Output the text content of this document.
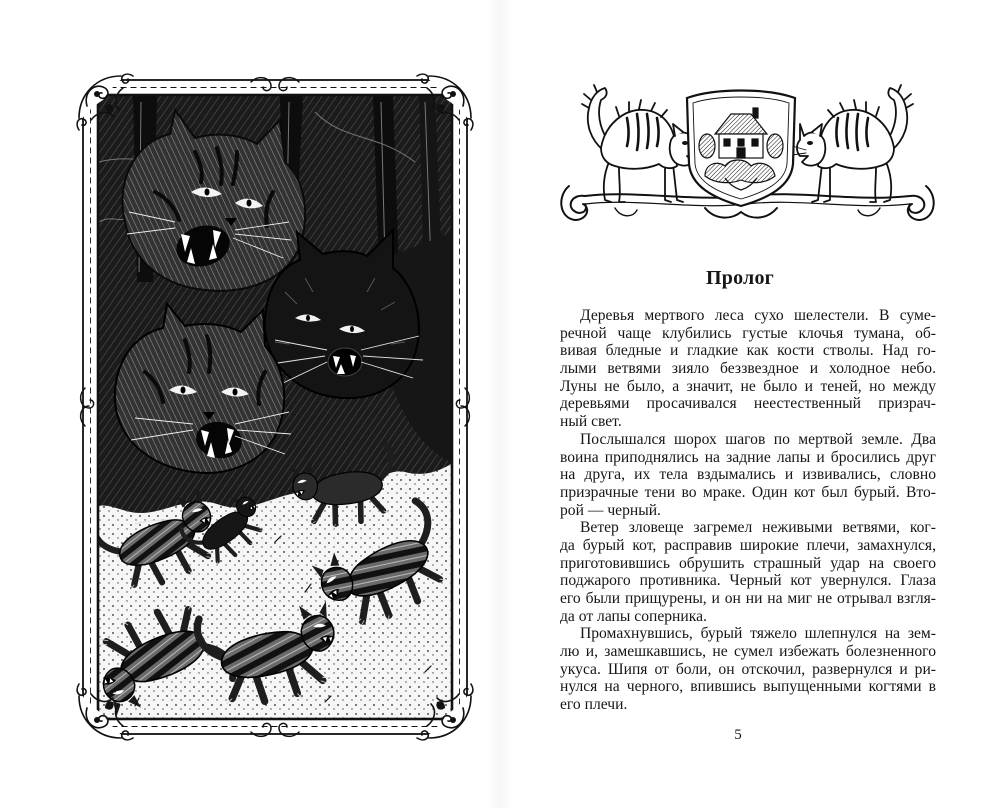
Пролог
Деревья мертвого леса сухо шелестели. В суме-
речной чаще клубились густые клочья тумана, об-
вивая бледные и гладкие как кости стволы. Над го-
лыми ветвями зияло беззвездное и холодное небо.
Луны не было, а значит, не было и теней, но между
деревьями просачивался неестественный призрач-
ный свет.
Послышался шорох шагов по мертвой земле. Два
воина приподнялись на задние лапы и бросились друг
на друга, их тела вздымались и извивались, словно
призрачные тени во мраке. Один кот был бурый. Вто-
рой — черный.
Ветер зловеще загремел неживыми ветвями, ког-
да бурый кот, расправив широкие плечи, замахнулся,
приготовившись обрушить страшный удар на своего
поджарого противника. Черный кот увернулся. Глаза
его были прищурены, и он ни на миг не отрывал взгля-
да от лапы соперника.
Промахнувшись, бурый тяжело шлепнулся на зем-
лю и, замешкавшись, не сумел избежать болезненного
укуса. Шипя от боли, он отскочил, развернулся и ри-
нулся на черного, впившись выпущенными когтями в
его плечи.
5
